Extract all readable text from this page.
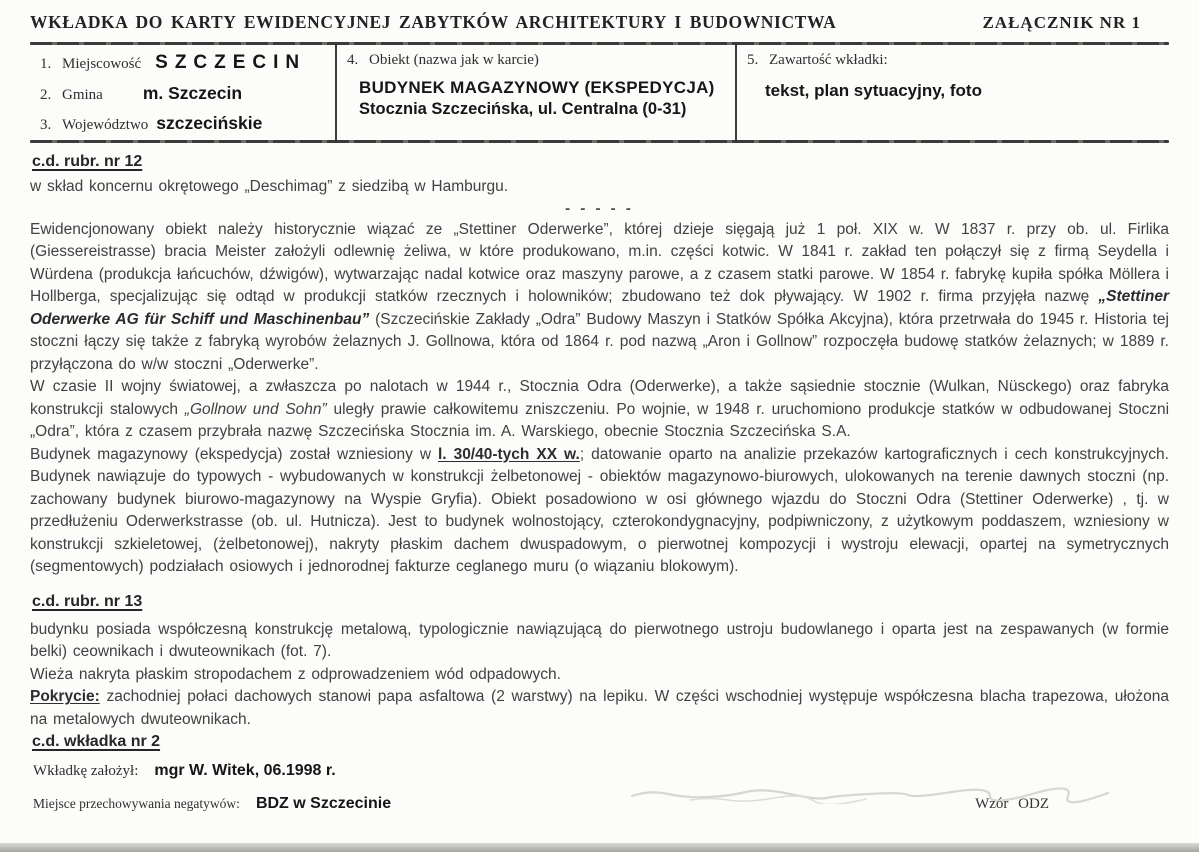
WKŁADKA DO KARTY EWIDENCYJNEJ ZABYTKÓW ARCHITEKTURY I BUDOWNICTWA	ZAŁĄCZNIK NR 1
1. Miejscowość SZCZECIN
2. Gmina m. Szczecin
3. Województwo szczecińskie
4. Obiekt (nazwa jak w karcie)
BUDYNEK MAGAZYNOWY (EKSPEDYCJA)
Stocznia Szczecińska, ul. Centralna (0-31)
5. Zawartość wkładki:
tekst, plan sytuacyjny, foto
c.d. rubr. nr 12

w skład koncernu okrętowego „Deschimag” z siedzibą w Hamburgu.

- - - - -

Ewidencjonowany obiekt należy historycznie wiązać ze „Stettiner Oderwerke”, której dzieje sięgają już 1 poł. XIX w. W 1837 r. przy ob. ul. Firlika (Giessereistrasse) bracia Meister założyli odlewnię żeliwa, w które produkowano, m.in. części kotwic. W 1841 r. zakład ten połączył się z firmą Seydella i Würdena (produkcja łańcuchów, dźwigów), wytwarzając nadal kotwice oraz maszyny parowe, a z czasem statki parowe. W 1854 r. fabrykę kupiła spółka Möllera i Hollberga, specjalizując się odtąd w produkcji statków rzecznych i holowników; zbudowano też dok pływający. W 1902 r. firma przyjęła nazwę „Stettiner Oderwerke AG für Schiff und Maschinenbau” (Szczecińskie Zakłady „Odra” Budowy Maszyn i Statków Spółka Akcyjna), która przetrwała do 1945 r. Historia tej stoczni łączy się także z fabryką wyrobów żelaznych J. Gollnowa, która od 1864 r. pod nazwą „Aron i Gollnow” rozpoczęła budowę statków żelaznych; w 1889 r. przyłączona do w/w stoczni „Oderwerke”.

W czasie II wojny światowej, a zwłaszcza po nalotach w 1944 r., Stocznia Odra (Oderwerke), a także sąsiednie stocznie (Wulkan, Nüsckego) oraz fabryka konstrukcji stalowych „Gollnow und Sohn” uległy prawie całkowitemu zniszczeniu. Po wojnie, w 1948 r. uruchomiono produkcje statków w odbudowanej Stoczni „Odra”, która z czasem przybrała nazwę Szczecińska Stocznia im. A. Warskiego, obecnie Stocznia Szczecińska S.A.

Budynek magazynowy (ekspedycja) został wzniesiony w l. 30/40-tych XX w.; datowanie oparto na analizie przekazów kartograficznych i cech konstrukcyjnych. Budynek nawiązuje do typowych - wybudowanych w konstrukcji żelbetonowej - obiektów magazynowo-biurowych, ulokowanych na terenie dawnych stoczni (np. zachowany budynek biurowo-magazynowy na Wyspie Gryfia). Obiekt posadowiono w osi głównego wjazdu do Stoczni Odra (Stettiner Oderwerke) , tj. w przedłużeniu Oderwerkstrasse (ob. ul. Hutnicza). Jest to budynek wolnostojący, czterokondygnacyjny, podpiwniczony, z użytkowym poddaszem, wzniesiony w konstrukcji szkieletowej, (żelbetonowej), nakryty płaskim dachem dwuspadowym, o pierwotnej kompozycji i wystroju elewacji, opartej na symetrycznych (segmentowych) podziałach osiowych i jednorodnej fakturze ceglanego muru (o wiązaniu blokowym).

c.d. rubr. nr 13

budynku posiada współczesną konstrukcję metalową, typologicznie nawiązującą do pierwotnego ustroju budowlanego i oparta jest na zespawanych (w formie belki) ceownikach i dwuteownikach (fot. 7).

Wieża nakryta płaskim stropodachem z odprowadzeniem wód odpadowych.

Pokrycie: zachodniej połaci dachowych stanowi papa asfaltowa (2 warstwy) na lepiku. W części wschodniej występuje współczesna blacha trapezowa, ułożona na metalowych dwuteownikach.

c.d. wkładka nr 2
Wkładkę założył: mgr W. Witek, 06.1998 r.
Miejsce przechowywania negatywów: BDZ w Szczecinie	Wzór ODZ
